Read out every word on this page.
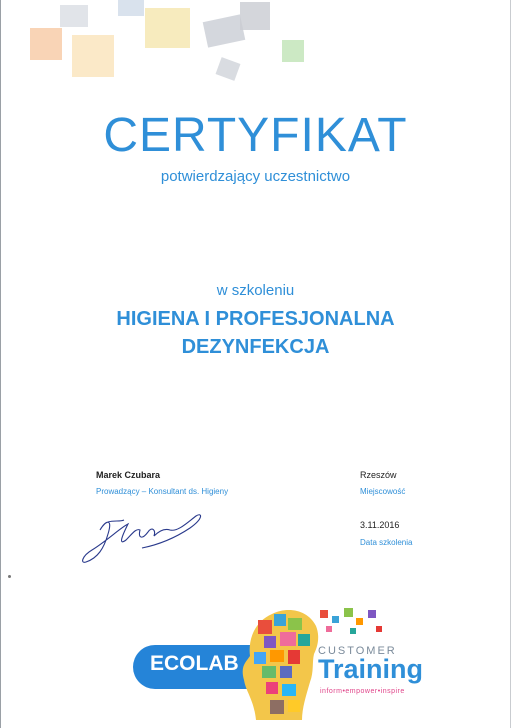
CERTYFIKAT
potwierdzający uczestnictwo
w szkoleniu
HIGIENA I PROFESJONALNA
DEZYNFEKCJA
Marek Czubara
Prowadzący – Konsultant ds. Higieny
Rzeszów
Miejscowość
3.11.2016
Data szkolenia
ECOLAB
CUSTOMER
Training
inform•empower•inspire
